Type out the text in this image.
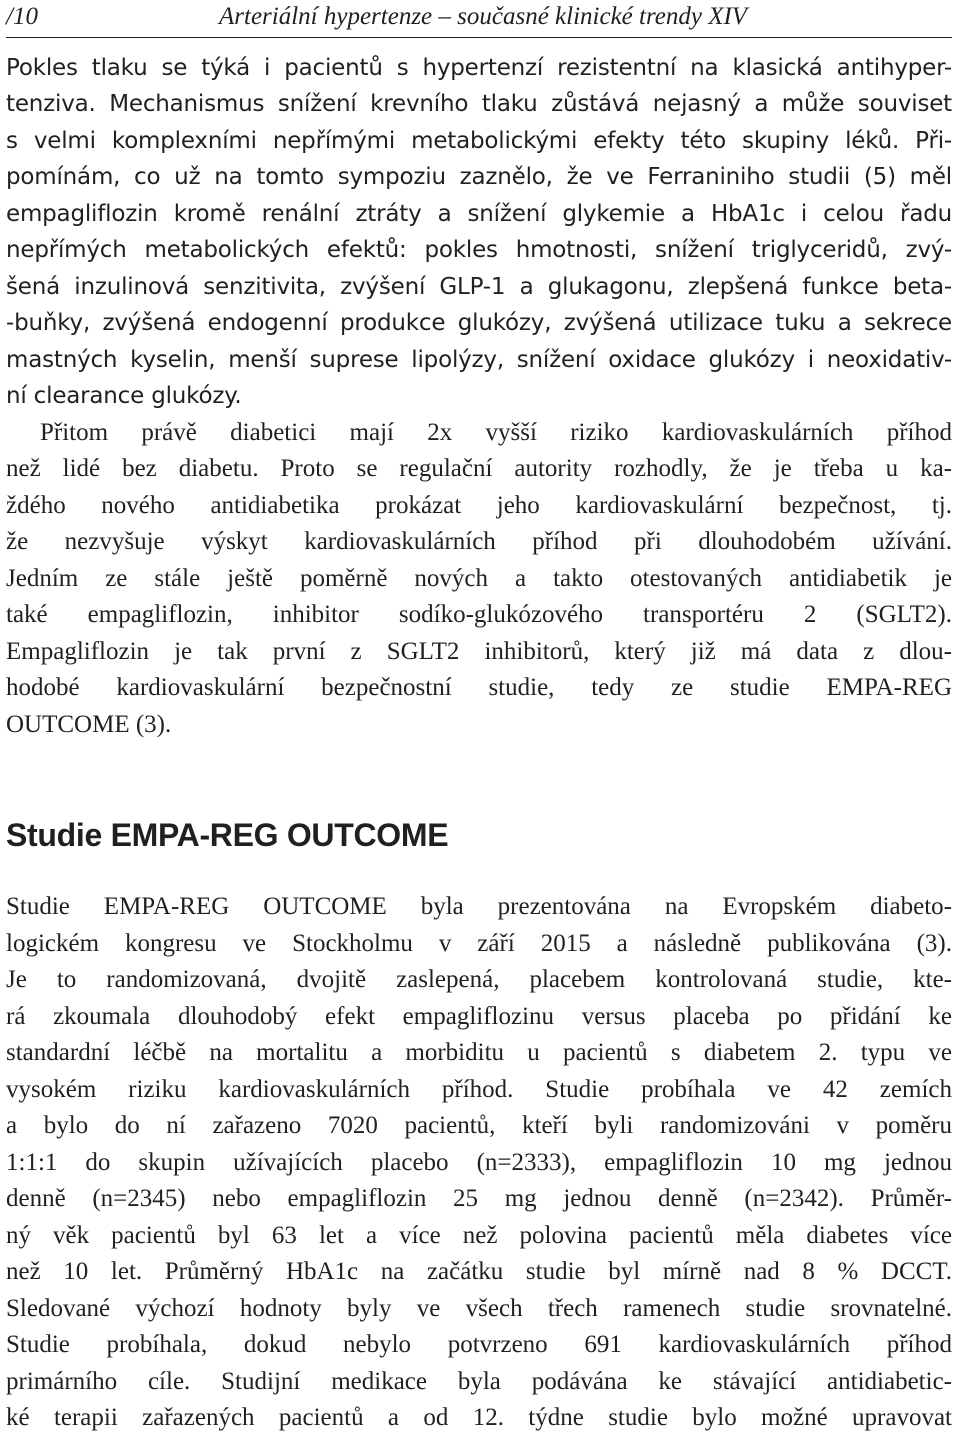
/10	Arteriální hypertenze – současné klinické trendy XIV
Pokles tlaku se týká i pacientů s hypertenzí rezistentní na klasická antihyper-
tenziva. Mechanismus snížení krevního tlaku zůstává nejasný a může souviset
s velmi komplexními nepřímými metabolickými efekty této skupiny léků. Při-
pomínám, co už na tomto sympoziu zaznělo, že ve Ferraniniho studii (5) měl
empagliflozin kromě renální ztráty a snížení glykemie a HbA1c i celou řadu
nepřímých metabolických efektů: pokles hmotnosti, snížení triglyceridů, zvý-
šená inzulinová senzitivita, zvýšení GLP-1 a glukagonu, zlepšená funkce beta-
-buňky, zvýšená endogenní produkce glukózy, zvýšená utilizace tuku a sekrece
mastných kyselin, menší suprese lipolýzy, snížení oxidace glukózy i neoxidativ-
ní clearance glukózy.
Přitom právě diabetici mají 2x vyšší riziko kardiovaskulárních příhod
než lidé bez diabetu. Proto se regulační autority rozhodly, že je třeba u ka-
ždého nového antidiabetika prokázat jeho kardiovaskulární bezpečnost, tj.
že nezvyšuje výskyt kardiovaskulárních příhod při dlouhodobém užívání.
Jedním ze stále ještě poměrně nových a takto otestovaných antidiabetik je
také empagliflozin, inhibitor sodíko-glukózového transportéru 2 (SGLT2).
Empagliflozin je tak první z SGLT2 inhibitorů, který již má data z dlou-
hodobé kardiovaskulární bezpečnostní studie, tedy ze studie EMPA-REG
OUTCOME (3).
Studie EMPA-REG OUTCOME
Studie EMPA-REG OUTCOME byla prezentována na Evropském diabeto-
logickém kongresu ve Stockholmu v září 2015 a následně publikována (3).
Je to randomizovaná, dvojitě zaslepená, placebem kontrolovaná studie, kte-
rá zkoumala dlouhodobý efekt empagliflozinu versus placeba po přidání ke
standardní léčbě na mortalitu a morbiditu u pacientů s diabetem 2. typu ve
vysokém riziku kardiovaskulárních příhod. Studie probíhala ve 42 zemích
a bylo do ní zařazeno 7020 pacientů, kteří byli randomizováni v poměru
1:1:1 do skupin užívajících placebo (n=2333), empagliflozin 10 mg jednou
denně (n=2345) nebo empagliflozin 25 mg jednou denně (n=2342). Průměr-
ný věk pacientů byl 63 let a více než polovina pacientů měla diabetes více
než 10 let. Průměrný HbA1c na začátku studie byl mírně nad 8 % DCCT.
Sledované výchozí hodnoty byly ve všech třech ramenech studie srovnatelné.
Studie probíhala, dokud nebylo potvrzeno 691 kardiovaskulárních příhod
primárního cíle. Studijní medikace byla podávána ke stávající antidiabetic-
ké terapii zařazených pacientů a od 12. týdne studie bylo možné upravovat
